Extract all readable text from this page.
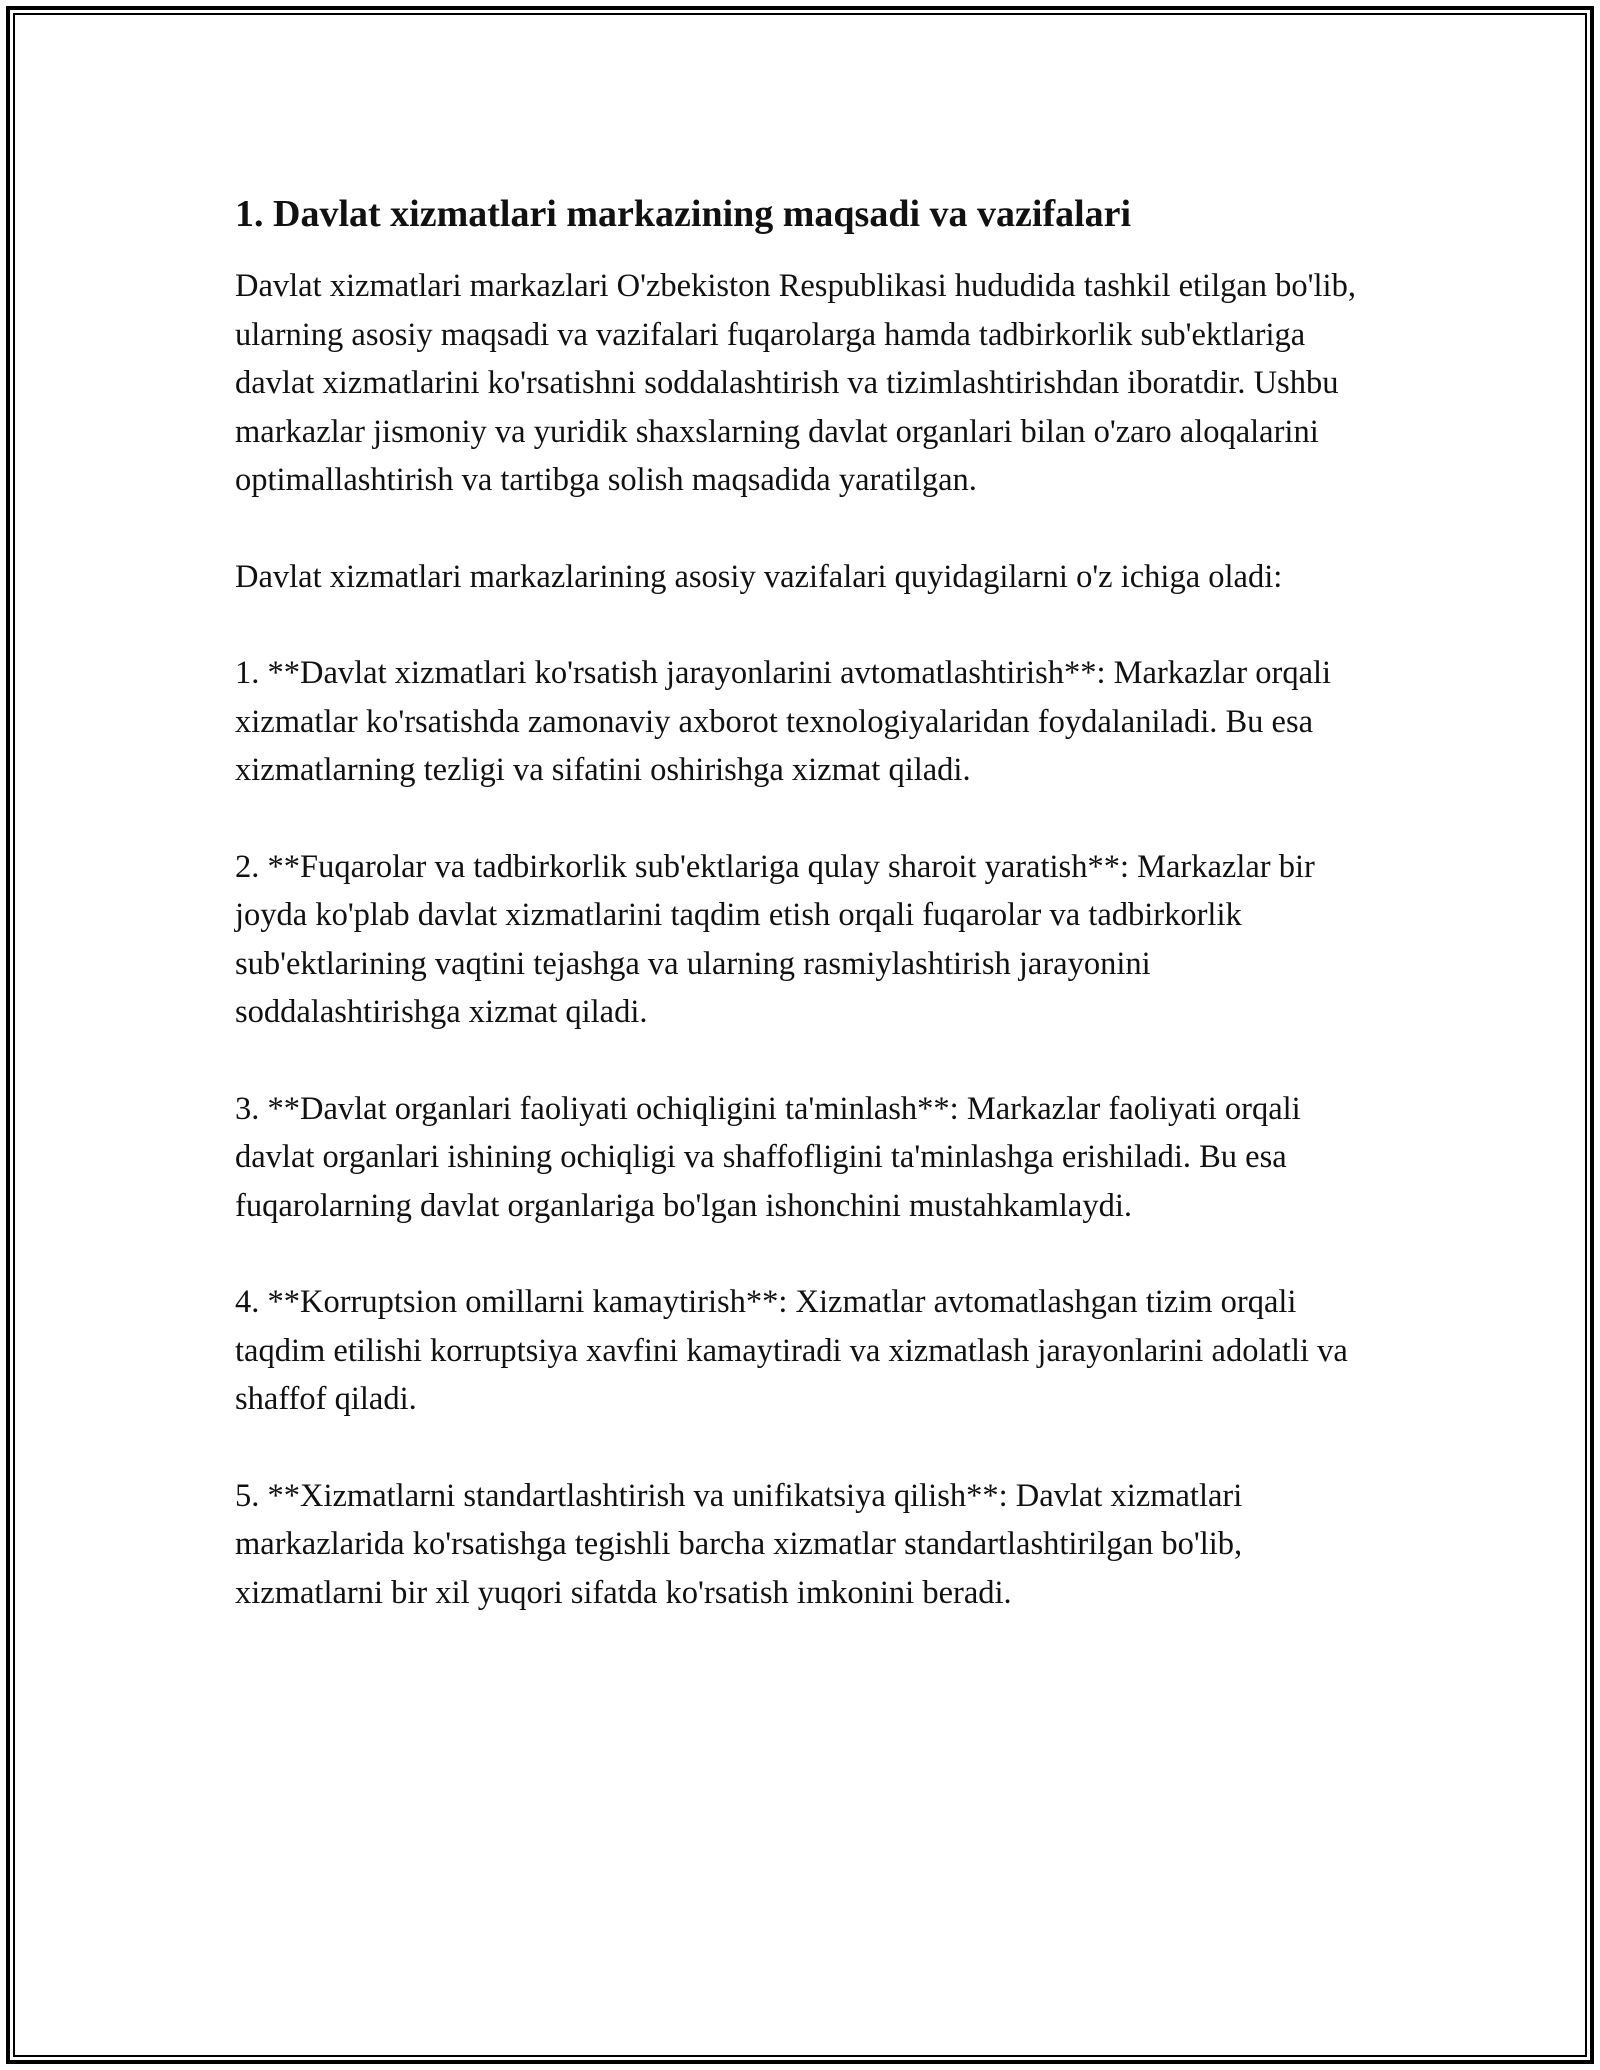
1. Davlat xizmatlari markazining maqsadi va vazifalari

Davlat xizmatlari markazlari O'zbekiston Respublikasi hududida tashkil etilgan bo'lib, ularning asosiy maqsadi va vazifalari fuqarolarga hamda tadbirkorlik sub'ektlariga davlat xizmatlarini ko'rsatishni soddalashtirish va tizimlashtirishdan iboratdir. Ushbu markazlar jismoniy va yuridik shaxslarning davlat organlari bilan o'zaro aloqalarini optimallashtirish va tartibga solish maqsadida yaratilgan.

Davlat xizmatlari markazlarining asosiy vazifalari quyidagilarni o'z ichiga oladi:

1. **Davlat xizmatlari ko'rsatish jarayonlarini avtomatlashtirish**: Markazlar orqali xizmatlar ko'rsatishda zamonaviy axborot texnologiyalaridan foydalaniladi. Bu esa xizmatlarning tezligi va sifatini oshirishga xizmat qiladi.

2. **Fuqarolar va tadbirkorlik sub'ektlariga qulay sharoit yaratish**: Markazlar bir joyda ko'plab davlat xizmatlarini taqdim etish orqali fuqarolar va tadbirkorlik sub'ektlarining vaqtini tejashga va ularning rasmiylashtirish jarayonini soddalashtirishga xizmat qiladi.

3. **Davlat organlari faoliyati ochiqligini ta'minlash**: Markazlar faoliyati orqali davlat organlari ishining ochiqligi va shaffofligini ta'minlashga erishiladi. Bu esa fuqarolarning davlat organlariga bo'lgan ishonchini mustahkamlaydi.

4. **Korruptsion omillarni kamaytirish**: Xizmatlar avtomatlashgan tizim orqali taqdim etilishi korruptsiya xavfini kamaytiradi va xizmatlash jarayonlarini adolatli va shaffof qiladi.

5. **Xizmatlarni standartlashtirish va unifikatsiya qilish**: Davlat xizmatlari markazlarida ko'rsatishga tegishli barcha xizmatlar standartlashtirilgan bo'lib, xizmatlarni bir xil yuqori sifatda ko'rsatish imkonini beradi.
